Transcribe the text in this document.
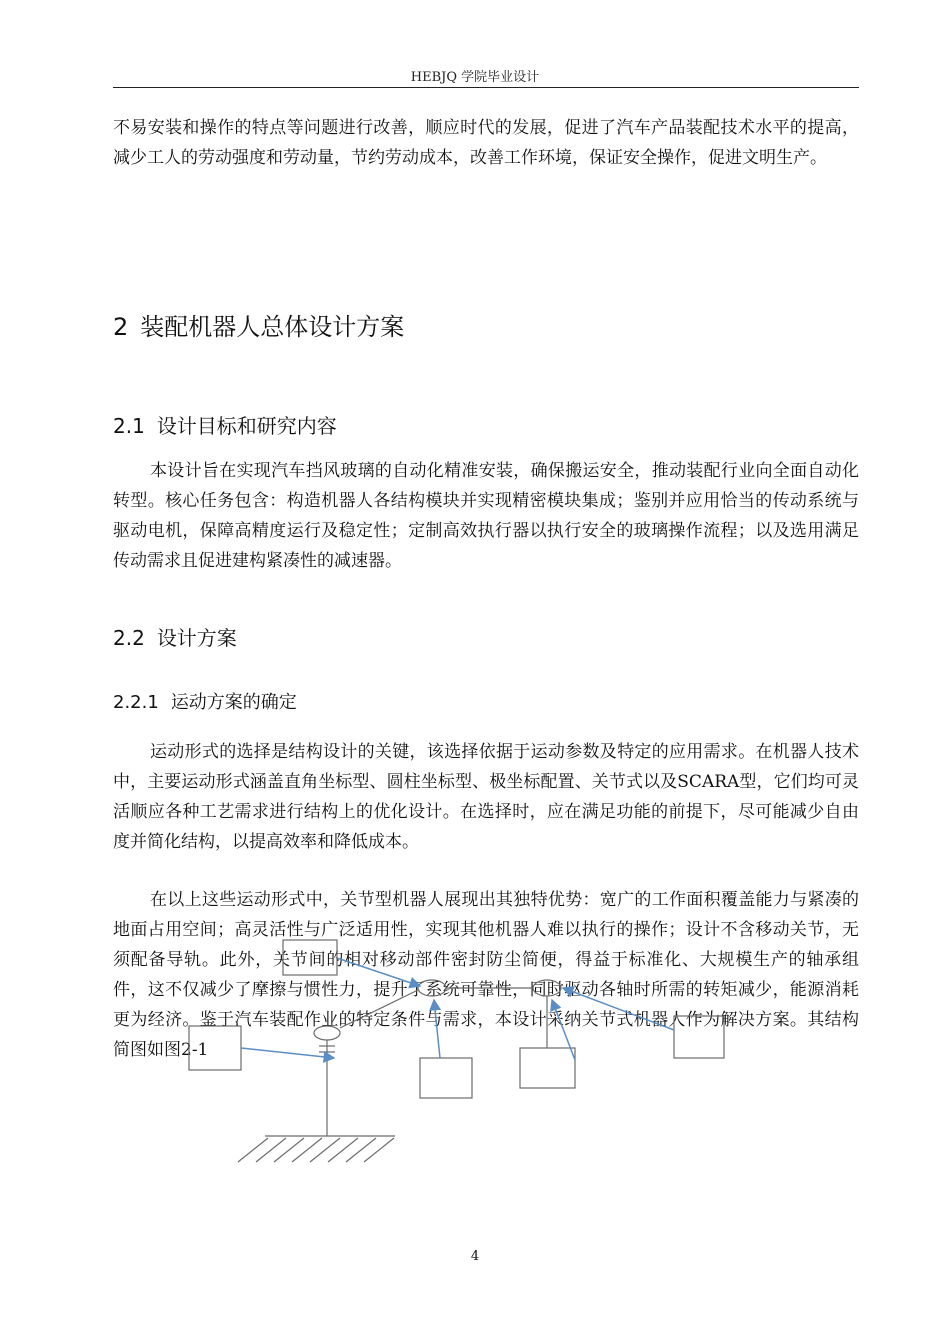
HEBJQ 学院毕业设计

不易安装和操作的特点等问题进行改善，顺应时代的发展，促进了汽车产品装配技术水平的提高，减少工人的劳动强度和劳动量，节约劳动成本，改善工作环境，保证安全操作，促进文明生产。

2 装配机器人总体设计方案
2.1 设计目标和研究内容

本设计旨在实现汽车挡风玻璃的自动化精准安装，确保搬运安全，推动装配行业向全面自动化转型。核心任务包含：构造机器人各结构模块并实现精密模块集成；鉴别并应用恰当的传动系统与驱动电机，保障高精度运行及稳定性；定制高效执行器以执行安全的玻璃操作流程；以及选用满足传动需求且促进建构紧凑性的减速器。

2.2 设计方案
2.2.1 运动方案的确定

运动形式的选择是结构设计的关键，该选择依据于运动参数及特定的应用需求。在机器人技术中，主要运动形式涵盖直角坐标型、圆柱坐标型、极坐标配置、关节式以及SCARA型，它们均可灵活顺应各种工艺需求进行结构上的优化设计。在选择时，应在满足功能的前提下，尽可能减少自由度并简化结构，以提高效率和降低成本。

在以上这些运动形式中，关节型机器人展现出其独特优势：宽广的工作面积覆盖能力与紧凑的地面占用空间；高灵活性与广泛适用性，实现其他机器人难以执行的操作；设计不含移动关节，无须配备导轨。此外，关节间的相对移动部件密封防尘简便，得益于标准化、大规模生产的轴承组件，这不仅减少了摩擦与惯性力，提升了系统可靠性，同时驱动各轴时所需的转矩减少，能源消耗更为经济。鉴于汽车装配作业的特定条件与需求，本设计采纳关节式机器人作为解决方案。其结构简图如图2-1

4
